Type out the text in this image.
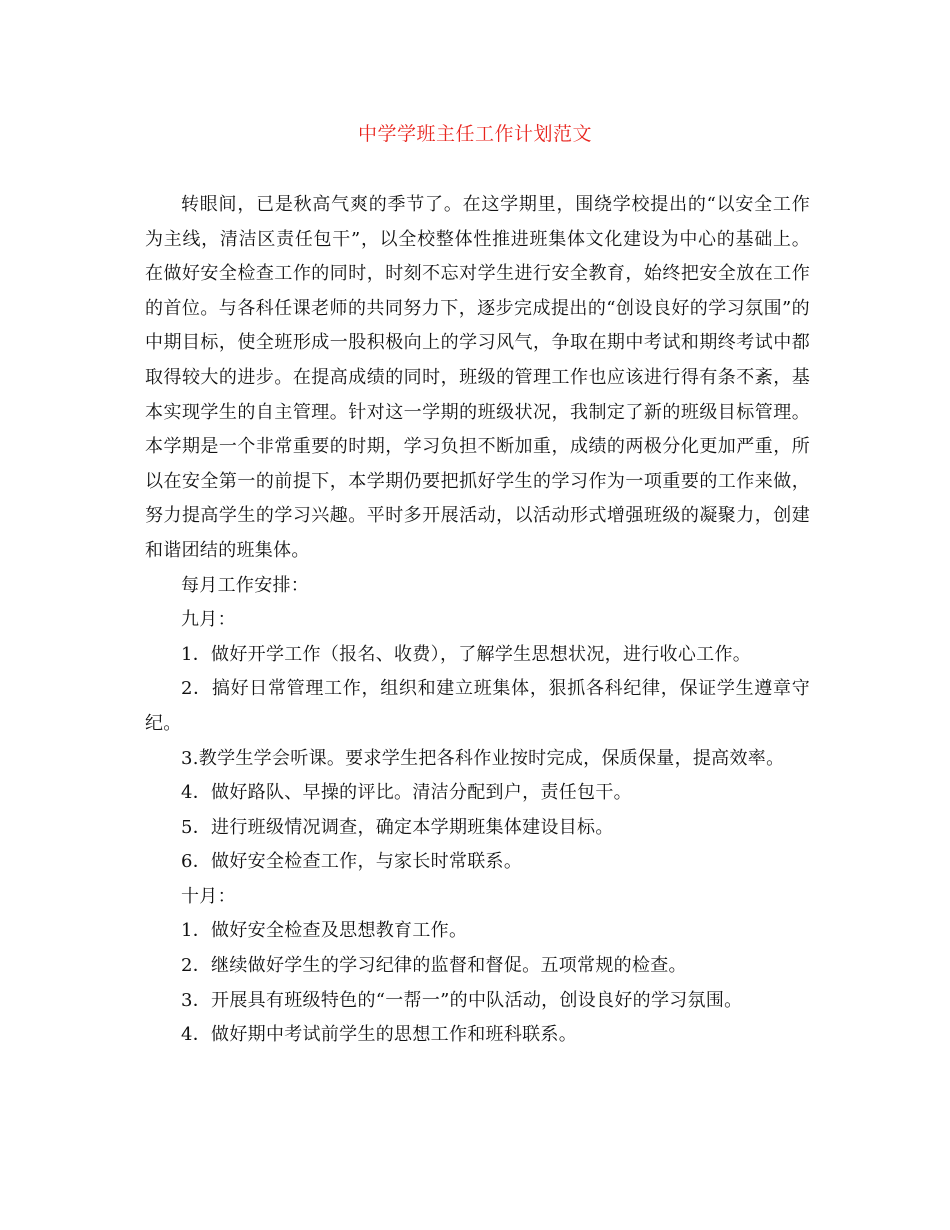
中学学班主任工作计划范文
转眼间，已是秋高气爽的季节了。在这学期里，围绕学校提出的“以安全工作为主线，清洁区责任包干”，以全校整体性推进班集体文化建设为中心的基础上。在做好安全检查工作的同时，时刻不忘对学生进行安全教育，始终把安全放在工作的首位。与各科任课老师的共同努力下，逐步完成提出的“创设良好的学习氛围”的中期目标，使全班形成一股积极向上的学习风气，争取在期中考试和期终考试中都取得较大的进步。在提高成绩的同时，班级的管理工作也应该进行得有条不紊，基本实现学生的自主管理。针对这一学期的班级状况，我制定了新的班级目标管理。本学期是一个非常重要的时期，学习负担不断加重，成绩的两极分化更加严重，所以在安全第一的前提下，本学期仍要把抓好学生的学习作为一项重要的工作来做，努力提高学生的学习兴趣。平时多开展活动，以活动形式增强班级的凝聚力，创建和谐团结的班集体。
每月工作安排：
九月：
1．做好开学工作（报名、收费），了解学生思想状况，进行收心工作。
2．搞好日常管理工作，组织和建立班集体，狠抓各科纪律，保证学生遵章守纪。
3.教学生学会听课。要求学生把各科作业按时完成，保质保量，提高效率。
4．做好路队、早操的评比。清洁分配到户，责任包干。
5．进行班级情况调查，确定本学期班集体建设目标。
6．做好安全检查工作，与家长时常联系。
十月：
1．做好安全检查及思想教育工作。
2．继续做好学生的学习纪律的监督和督促。五项常规的检查。
3．开展具有班级特色的“一帮一”的中队活动，创设良好的学习氛围。
4．做好期中考试前学生的思想工作和班科联系。
